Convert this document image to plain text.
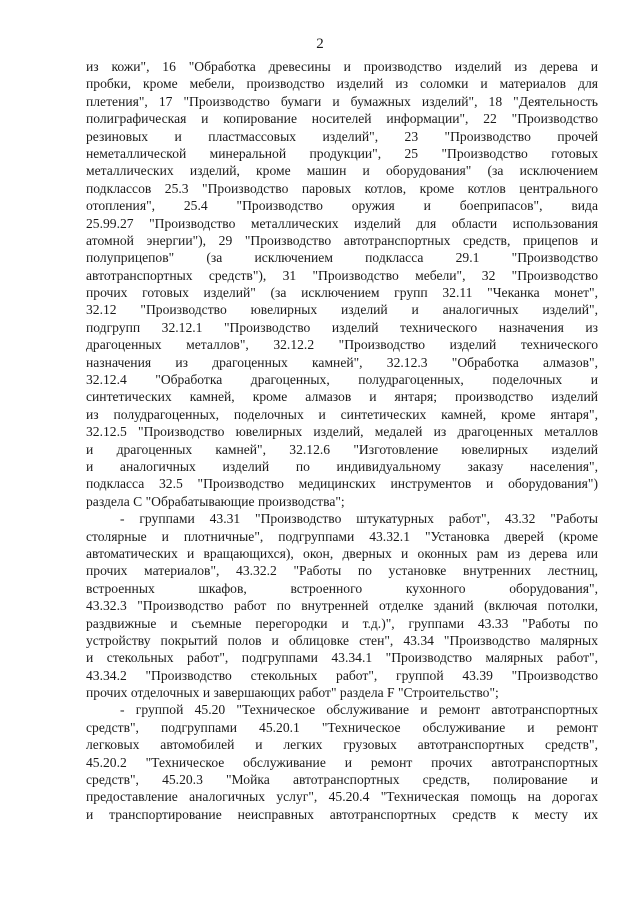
2
из кожи", 16 "Обработка древесины и производство изделий из дерева и
пробки, кроме мебели, производство изделий из соломки и материалов для
плетения", 17 "Производство бумаги и бумажных изделий", 18 "Деятельность
полиграфическая и копирование носителей информации", 22 "Производство
резиновых и пластмассовых изделий", 23 "Производство прочей
неметаллической минеральной продукции", 25 "Производство готовых
металлических изделий, кроме машин и оборудования" (за исключением
подклассов 25.3 "Производство паровых котлов, кроме котлов центрального
отопления", 25.4 "Производство оружия и боеприпасов", вида
25.99.27 "Производство металлических изделий для области использования
атомной энергии"), 29 "Производство автотранспортных средств, прицепов и
полуприцепов" (за исключением подкласса 29.1 "Производство
автотранспортных средств"), 31 "Производство мебели", 32 "Производство
прочих готовых изделий" (за исключением групп 32.11 "Чеканка монет",
32.12 "Производство ювелирных изделий и аналогичных изделий",
подгрупп 32.12.1 "Производство изделий технического назначения из
драгоценных металлов", 32.12.2 "Производство изделий технического
назначения из драгоценных камней", 32.12.3 "Обработка алмазов",
32.12.4 "Обработка драгоценных, полудрагоценных, поделочных и
синтетических камней, кроме алмазов и янтаря; производство изделий
из полудрагоценных, поделочных и синтетических камней, кроме янтаря",
32.12.5 "Производство ювелирных изделий, медалей из драгоценных металлов
и драгоценных камней", 32.12.6 "Изготовление ювелирных изделий
и аналогичных изделий по индивидуальному заказу населения",
подкласса 32.5 "Производство медицинских инструментов и оборудования")
раздела С "Обрабатывающие производства";
- группами 43.31 "Производство штукатурных работ", 43.32 "Работы
столярные и плотничные", подгруппами 43.32.1 "Установка дверей (кроме
автоматических и вращающихся), окон, дверных и оконных рам из дерева или
прочих материалов", 43.32.2 "Работы по установке внутренних лестниц,
встроенных шкафов, встроенного кухонного оборудования",
43.32.3 "Производство работ по внутренней отделке зданий (включая потолки,
раздвижные и съемные перегородки и т.д.)", группами 43.33 "Работы по
устройству покрытий полов и облицовке стен", 43.34 "Производство малярных
и стекольных работ", подгруппами 43.34.1 "Производство малярных работ",
43.34.2 "Производство стекольных работ", группой 43.39 "Производство
прочих отделочных и завершающих работ" раздела F "Строительство";
- группой 45.20 "Техническое обслуживание и ремонт автотранспортных
средств", подгруппами 45.20.1 "Техническое обслуживание и ремонт
легковых автомобилей и легких грузовых автотранспортных средств",
45.20.2 "Техническое обслуживание и ремонт прочих автотранспортных
средств", 45.20.3 "Мойка автотранспортных средств, полирование и
предоставление аналогичных услуг", 45.20.4 "Техническая помощь на дорогах
и транспортирование неисправных автотранспортных средств к месту их
